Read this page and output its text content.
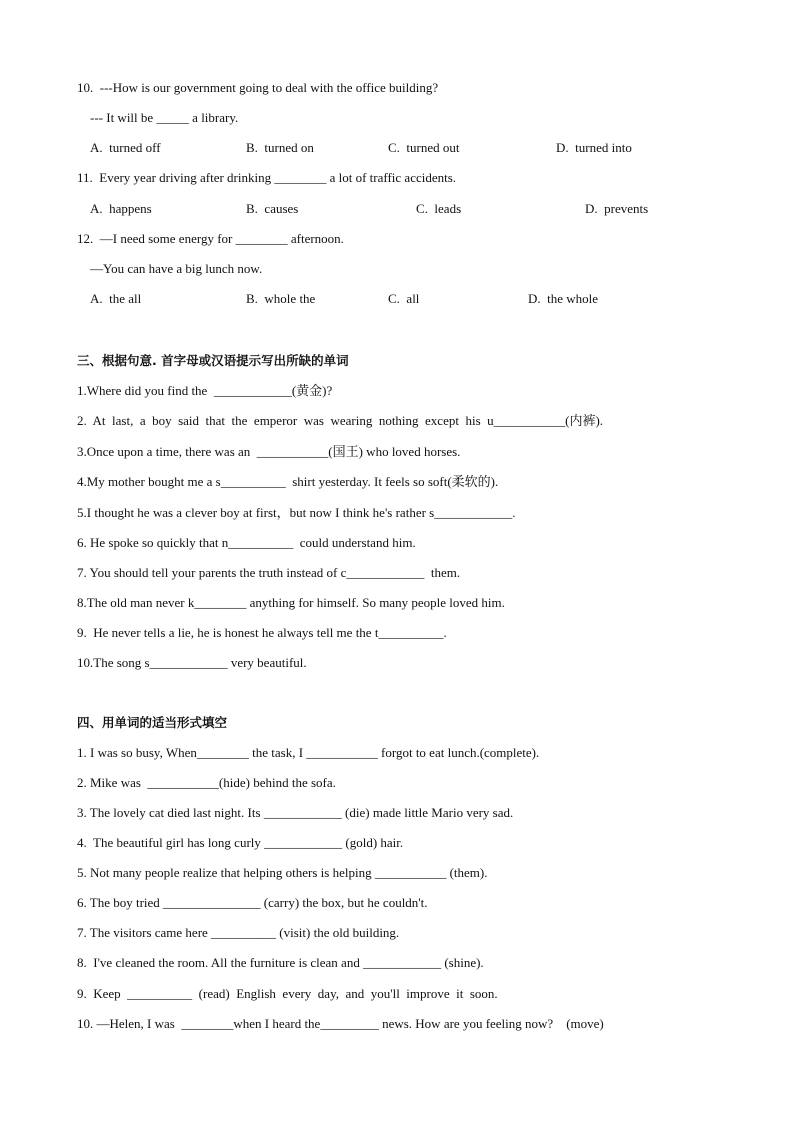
10.  ---How is our government going to deal with the office building?
--- It will be _____ a library.
A.  turned off	B.  turned on	C.  turned out	D.  turned into
11.  Every year driving after drinking ________ a lot of traffic accidents.
A.  happens	B.  causes	C.  leads	D.  prevents
12.  —I need some energy for ________ afternoon.
—You can have a big lunch now.
A.  the all	B.  whole the	C.  all	D.  the whole
三、根据句意. 首字母或汉语提示写出所缺的单词
1.Where did you find the  ____________(黄金)?
2.  At  last,  a  boy  said  that  the  emperor  was  wearing  nothing  except  his  u___________(内裤).
3.Once upon a time, there was an  ___________(国王) who loved horses.
4.My mother bought me a s__________  shirt yesterday. It feels so soft(柔软的).
5.I thought he was a clever boy at first，but now I think he's rather s____________.
6. He spoke so quickly that n__________  could understand him.
7. You should tell your parents the truth instead of c____________  them.
8.The old man never k________ anything for himself. So many people loved him.
9.  He never tells a lie, he is honest he always tell me the t__________.
10.The song s____________ very beautiful.
四、用单词的适当形式填空
1. I was so busy, When________ the task, I ___________ forgot to eat lunch.(complete).
2. Mike was  ___________(hide) behind the sofa.
3. The lovely cat died last night. Its ____________ (die) made little Mario very sad.
4.  The beautiful girl has long curly ____________ (gold) hair.
5. Not many people realize that helping others is helping ___________ (them).
6. The boy tried _______________ (carry) the box, but he couldn't.
7. The visitors came here __________ (visit) the old building.
8.  I've cleaned the room. All the furniture is clean and ____________ (shine).
9.  Keep  __________  (read)  English  every  day,  and  you'll  improve  it  soon.
10. —Helen, I was  ________when I heard the_________ news. How are you feeling now?    (move)
